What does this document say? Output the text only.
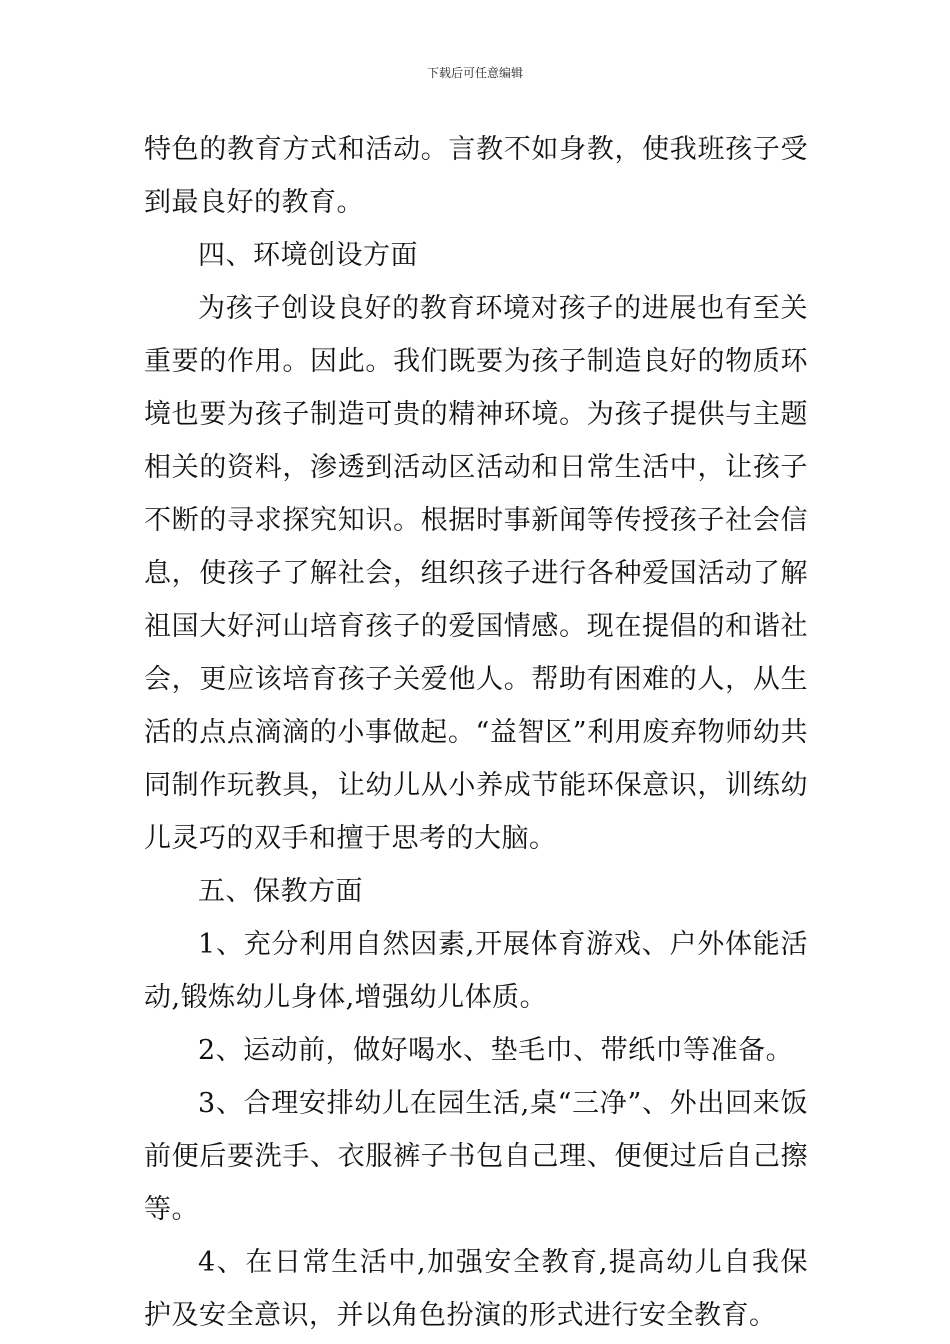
下载后可任意编辑

特色的教育方式和活动。言教不如身教，使我班孩子受到最良好的教育。

四、环境创设方面

为孩子创设良好的教育环境对孩子的进展也有至关重要的作用。因此。我们既要为孩子制造良好的物质环境也要为孩子制造可贵的精神环境。为孩子提供与主题相关的资料，渗透到活动区活动和日常生活中，让孩子不断的寻求探究知识。根据时事新闻等传授孩子社会信息，使孩子了解社会，组织孩子进行各种爱国活动了解祖国大好河山培育孩子的爱国情感。现在提倡的和谐社会，更应该培育孩子关爱他人。帮助有困难的人，从生活的点点滴滴的小事做起。“益智区”利用废弃物师幼共同制作玩教具，让幼儿从小养成节能环保意识，训练幼儿灵巧的双手和擅于思考的大脑。

五、保教方面

1、充分利用自然因素,开展体育游戏、户外体能活动,锻炼幼儿身体,增强幼儿体质。

2、运动前，做好喝水、垫毛巾、带纸巾等准备。

3、合理安排幼儿在园生活,桌“三净”、外出回来饭前便后要洗手、衣服裤子书包自己理、便便过后自己擦等。

4、在日常生活中,加强安全教育,提高幼儿自我保护及安全意识，并以角色扮演的形式进行安全教育。
